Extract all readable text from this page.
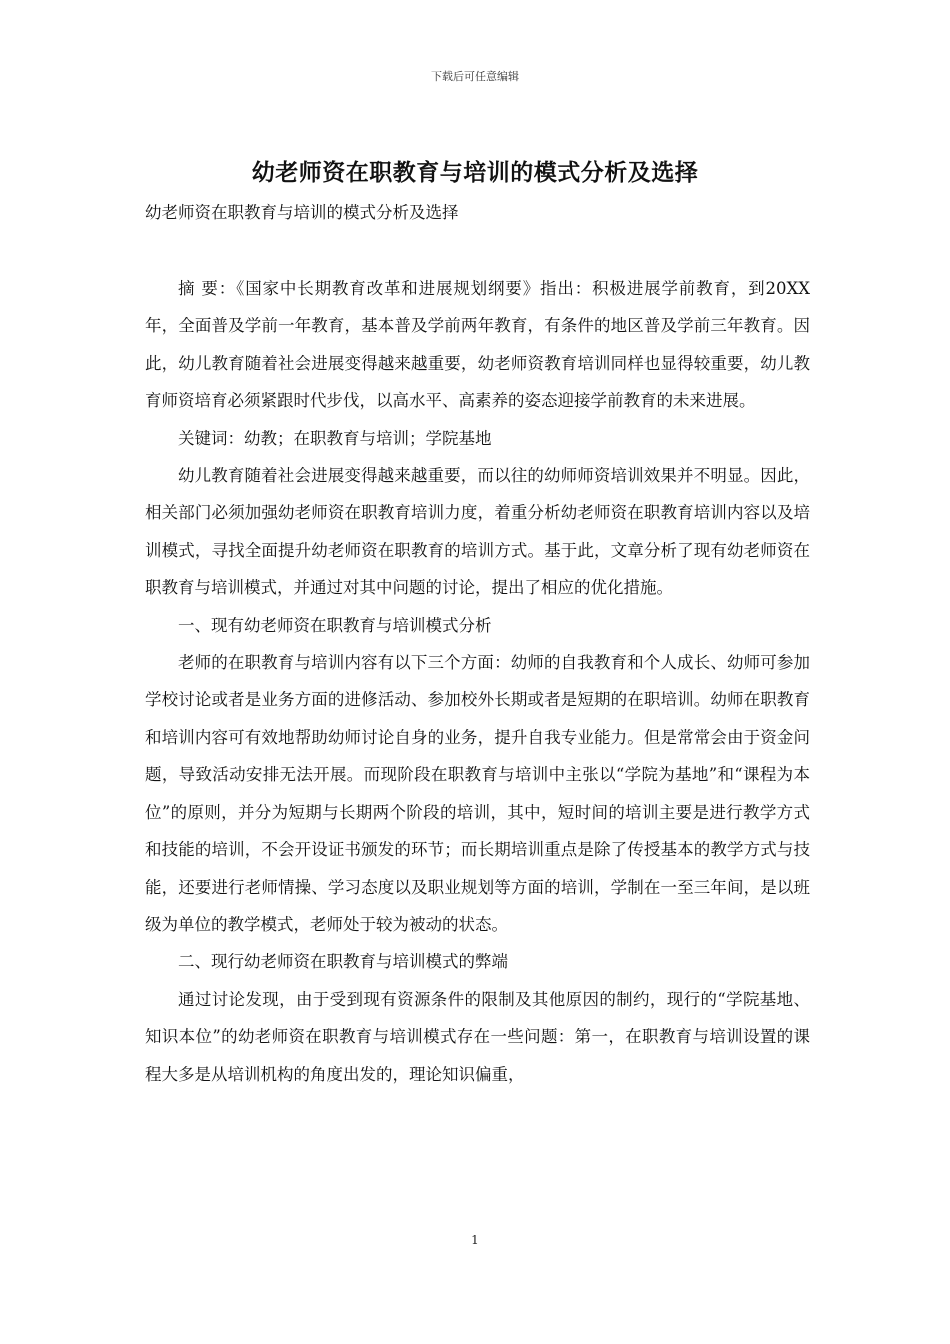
下载后可任意编辑
幼老师资在职教育与培训的模式分析及选择
幼老师资在职教育与培训的模式分析及选择

摘 要：《国家中长期教育改革和进展规划纲要》指出：积极进展学前教育，到20XX年，全面普及学前一年教育，基本普及学前两年教育，有条件的地区普及学前三年教育。因此，幼儿教育随着社会进展变得越来越重要，幼老师资教育培训同样也显得较重要，幼儿教育师资培育必须紧跟时代步伐，以高水平、高素养的姿态迎接学前教育的未来进展。

关键词：幼教；在职教育与培训；学院基地

幼儿教育随着社会进展变得越来越重要，而以往的幼师师资培训效果并不明显。因此，相关部门必须加强幼老师资在职教育培训力度，着重分析幼老师资在职教育培训内容以及培训模式，寻找全面提升幼老师资在职教育的培训方式。基于此，文章分析了现有幼老师资在职教育与培训模式，并通过对其中问题的讨论，提出了相应的优化措施。

一、现有幼老师资在职教育与培训模式分析

老师的在职教育与培训内容有以下三个方面：幼师的自我教育和个人成长、幼师可参加学校讨论或者是业务方面的进修活动、参加校外长期或者是短期的在职培训。幼师在职教育和培训内容可有效地帮助幼师讨论自身的业务，提升自我专业能力。但是常常会由于资金问题，导致活动安排无法开展。而现阶段在职教育与培训中主张以“学院为基地”和“课程为本位”的原则，并分为短期与长期两个阶段的培训，其中，短时间的培训主要是进行教学方式和技能的培训，不会开设证书颁发的环节；而长期培训重点是除了传授基本的教学方式与技能，还要进行老师情操、学习态度以及职业规划等方面的培训，学制在一至三年间，是以班级为单位的教学模式，老师处于较为被动的状态。

二、现行幼老师资在职教育与培训模式的弊端

通过讨论发现，由于受到现有资源条件的限制及其他原因的制约，现行的“学院基地、知识本位”的幼老师资在职教育与培训模式存在一些问题：第一，在职教育与培训设置的课程大多是从培训机构的角度出发的，理论知识偏重，

1
